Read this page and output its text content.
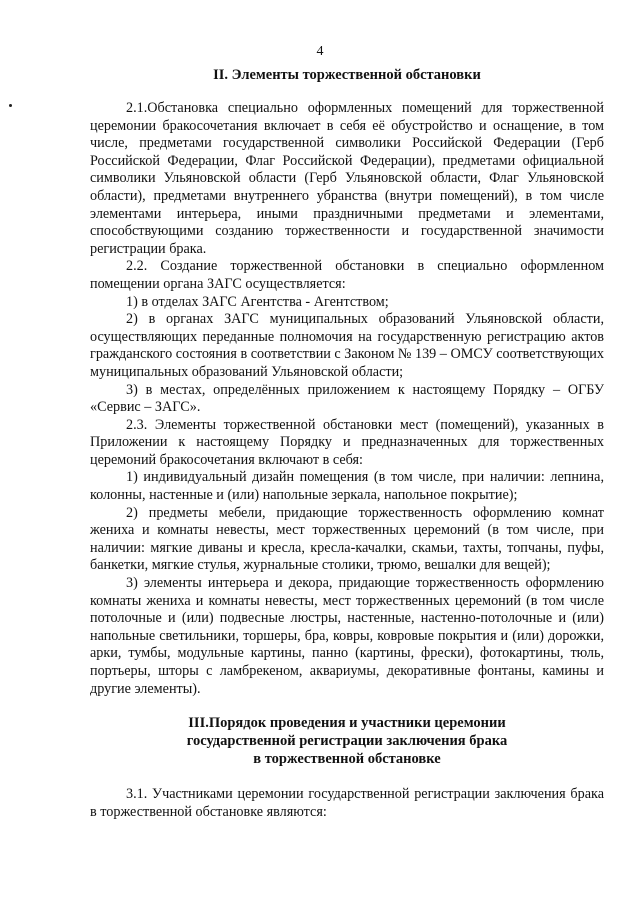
4
II. Элементы торжественной обстановки

2.1.Обстановка специально оформленных помещений для торжественной церемонии бракосочетания включает в себя её обустройство и оснащение, в том числе, предметами государственной символики Российской Федерации (Герб Российской Федерации, Флаг Российской Федерации), предметами официальной символики Ульяновской области (Герб Ульяновской области, Флаг Ульяновской области), предметами внутреннего убранства (внутри помещений), в том числе элементами интерьера, иными праздничными предметами и элементами, способствующими созданию торжественности и государственной значимости регистрации брака.

2.2. Создание торжественной обстановки в специально оформленном помещении органа ЗАГС осуществляется:

1) в отделах ЗАГС Агентства - Агентством;

2) в органах ЗАГС муниципальных образований Ульяновской области, осуществляющих переданные полномочия на государственную регистрацию актов гражданского состояния в соответствии с Законом № 139 – ОМСУ соответствующих муниципальных образований Ульяновской области;

3) в местах, определённых приложением к настоящему Порядку – ОГБУ «Сервис – ЗАГС».

2.3. Элементы торжественной обстановки мест (помещений), указанных в Приложении к настоящему Порядку и предназначенных для торжественных церемоний бракосочетания включают в себя:

1) индивидуальный дизайн помещения (в том числе, при наличии: лепнина, колонны, настенные и (или) напольные зеркала, напольное покрытие);

2) предметы мебели, придающие торжественность оформлению комнат жениха и комнаты невесты, мест торжественных церемоний (в том числе, при наличии: мягкие диваны и кресла, кресла-качалки, скамьи, тахты, топчаны, пуфы, банкетки, мягкие стулья, журнальные столики, трюмо, вешалки для вещей);

3) элементы интерьера и декора, придающие торжественность оформлению комнаты жениха и комнаты невесты, мест торжественных церемоний (в том числе потолочные и (или) подвесные люстры, настенные, настенно-потолочные и (или) напольные светильники, торшеры, бра, ковры, ковровые покрытия и (или) дорожки, арки, тумбы, модульные картины, панно (картины, фрески), фотокартины, тюль, портьеры, шторы с ламбрекеном, аквариумы, декоративные фонтаны, камины и другие элементы).

III.Порядок проведения и участники церемонии
государственной регистрации заключения брака
в торжественной обстановке

3.1. Участниками церемонии государственной регистрации заключения брака в торжественной обстановке являются:
